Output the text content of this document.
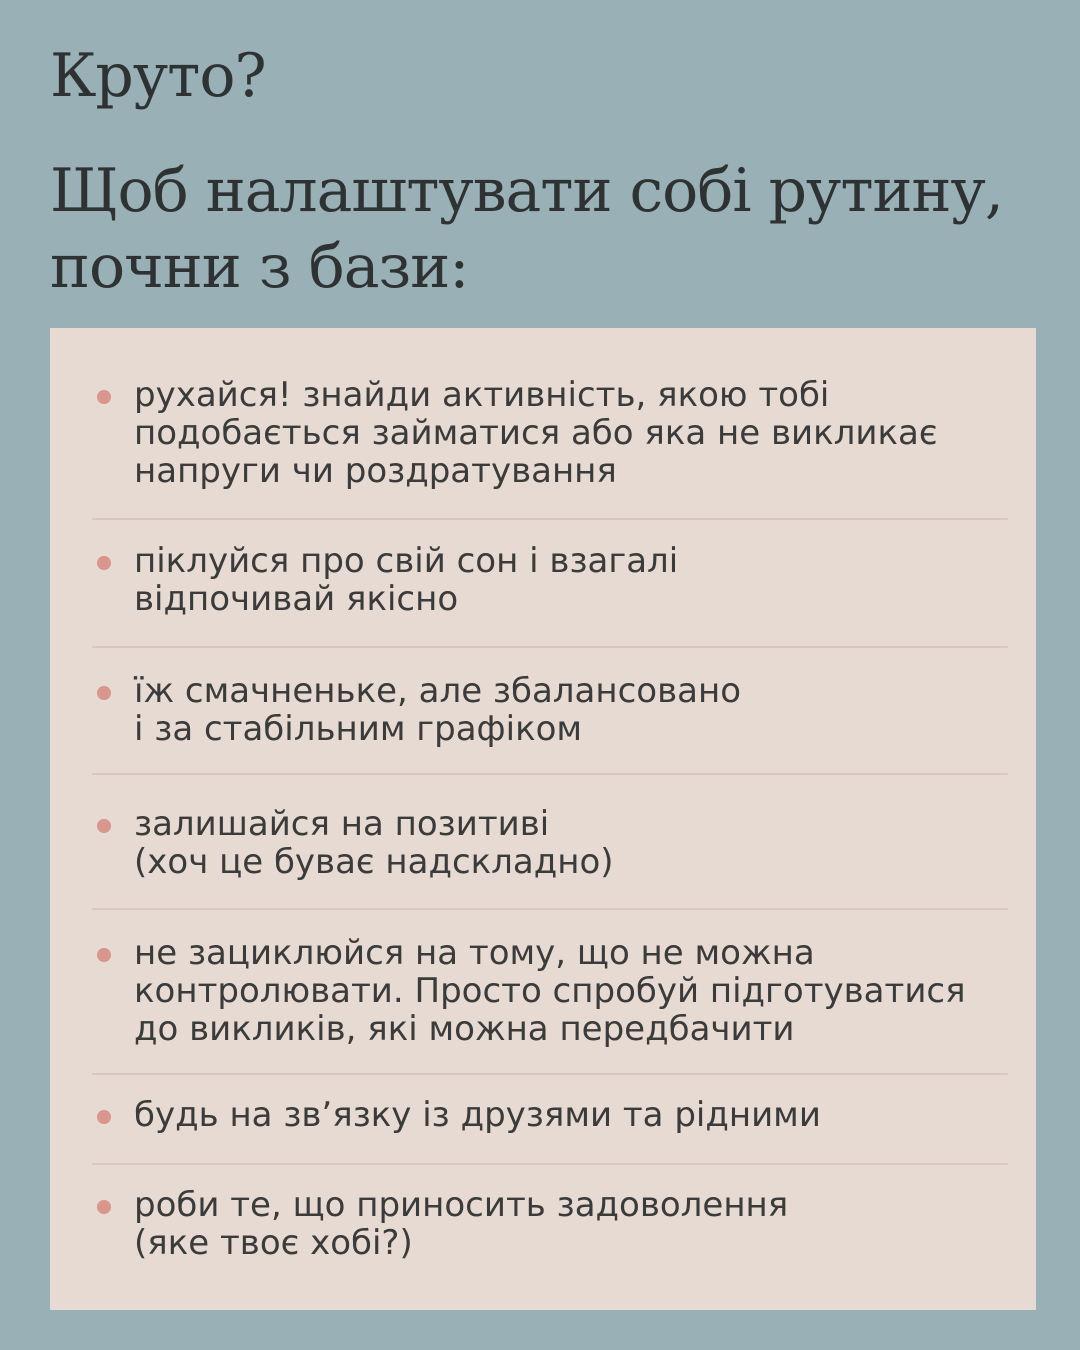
Круто?
Щоб налаштувати собі рутину,
почни з бази:

рухайся! знайди активність, якою тобі
подобається займатися або яка не викликає
напруги чи роздратування

піклуйся про свій сон і взагалі
відпочивай якісно

їж смачненьке, але збалансовано
і за стабільним графіком

залишайся на позитиві
(хоч це буває надскладно)

не зациклюйся на тому, що не можна
контролювати. Просто спробуй підготуватися
до викликів, які можна передбачити

будь на зв’язку із друзями та рідними

роби те, що приносить задоволення
(яке твоє хобі?)
